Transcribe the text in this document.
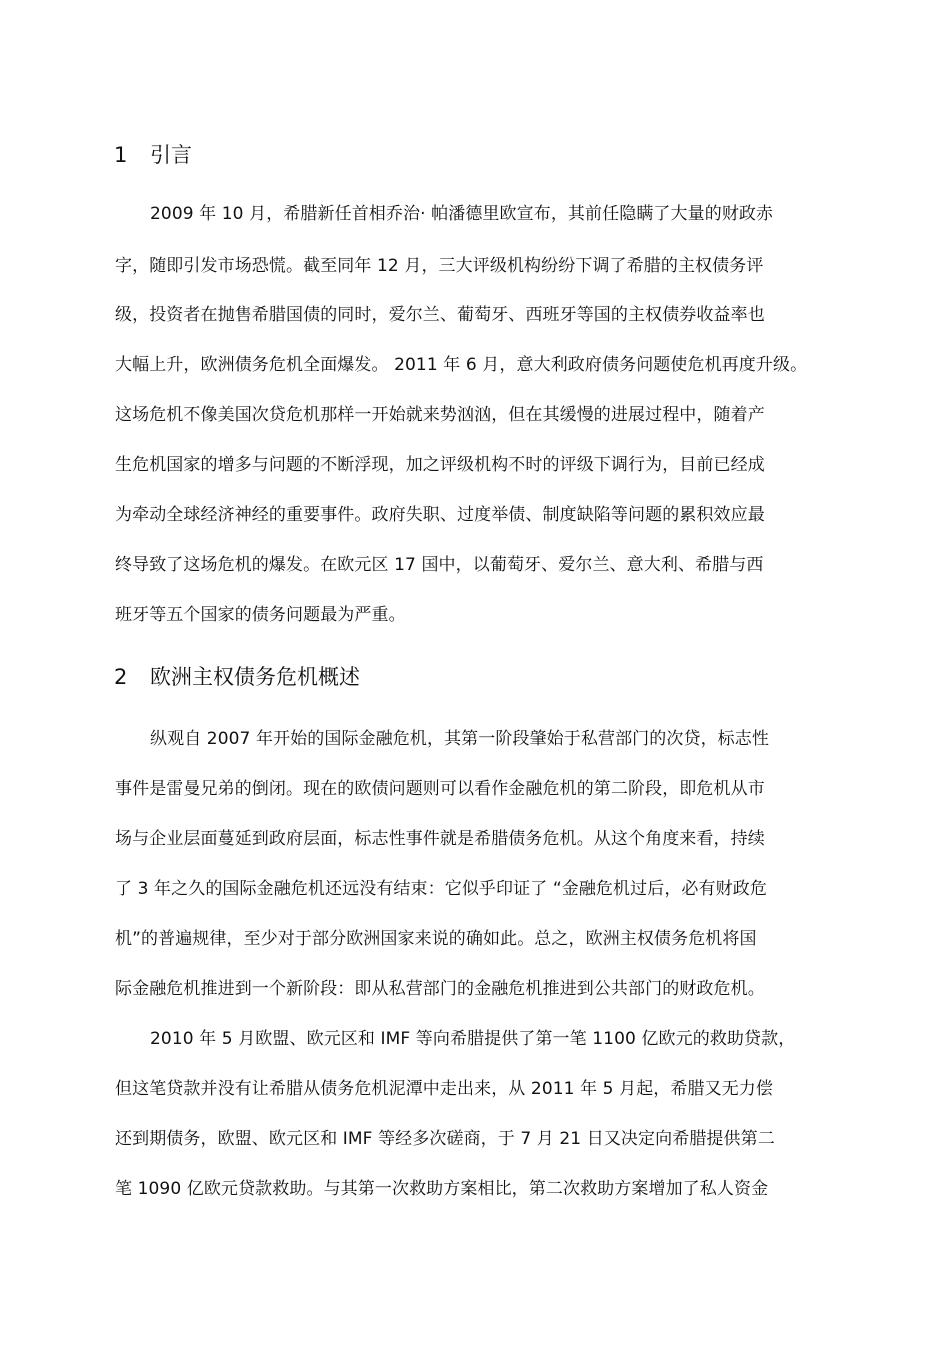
1 引言
2009 年 10 月，希腊新任首相乔治· 帕潘德里欧宣布，其前任隐瞒了大量的财政赤
字，随即引发市场恐慌。截至同年 12 月，三大评级机构纷纷下调了希腊的主权债务评
级，投资者在抛售希腊国债的同时，爱尔兰、葡萄牙、西班牙等国的主权债券收益率也
大幅上升，欧洲债务危机全面爆发。 2011 年 6 月，意大利政府债务问题使危机再度升级。
这场危机不像美国次贷危机那样一开始就来势汹汹，但在其缓慢的进展过程中，随着产
生危机国家的增多与问题的不断浮现，加之评级机构不时的评级下调行为，目前已经成
为牵动全球经济神经的重要事件。政府失职、过度举债、制度缺陷等问题的累积效应最
终导致了这场危机的爆发。在欧元区 17 国中，以葡萄牙、爱尔兰、意大利、希腊与西
班牙等五个国家的债务问题最为严重。
2 欧洲主权债务危机概述
纵观自 2007 年开始的国际金融危机，其第一阶段肇始于私营部门的次贷，标志性
事件是雷曼兄弟的倒闭。现在的欧债问题则可以看作金融危机的第二阶段，即危机从市
场与企业层面蔓延到政府层面，标志性事件就是希腊债务危机。从这个角度来看，持续
了 3 年之久的国际金融危机还远没有结束：它似乎印证了 “金融危机过后，必有财政危
机”的普遍规律，至少对于部分欧洲国家来说的确如此。总之，欧洲主权债务危机将国
际金融危机推进到一个新阶段：即从私营部门的金融危机推进到公共部门的财政危机。
2010 年 5 月欧盟、欧元区和 IMF 等向希腊提供了第一笔 1100 亿欧元的救助贷款，
但这笔贷款并没有让希腊从债务危机泥潭中走出来，从 2011 年 5 月起，希腊又无力偿
还到期债务，欧盟、欧元区和 IMF 等经多次磋商，于 7 月 21 日又决定向希腊提供第二
笔 1090 亿欧元贷款救助。与其第一次救助方案相比，第二次救助方案增加了私人资金
